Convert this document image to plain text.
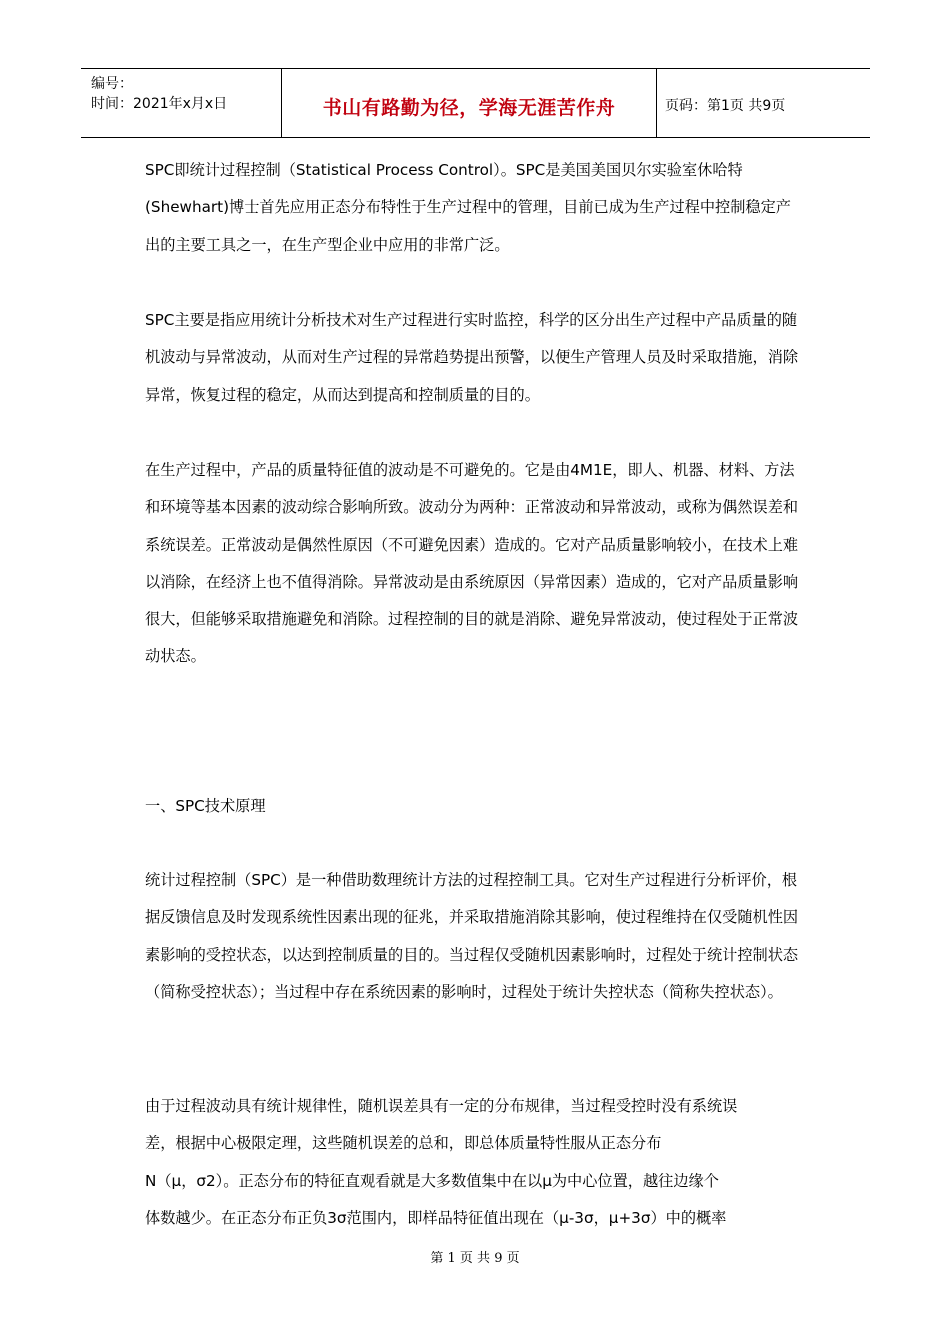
编号：
时间：2021年x月x日	书山有路勤为径，学海无涯苦作舟	页码：第1页 共9页

SPC即统计过程控制（Statistical Process Control）。SPC是美国美国贝尔实验室休哈特(Shewhart)博士首先应用正态分布特性于生产过程中的管理，目前已成为生产过程中控制稳定产出的主要工具之一，在生产型企业中应用的非常广泛。

SPC主要是指应用统计分析技术对生产过程进行实时监控，科学的区分出生产过程中产品质量的随机波动与异常波动，从而对生产过程的异常趋势提出预警，以便生产管理人员及时采取措施，消除异常，恢复过程的稳定，从而达到提高和控制质量的目的。

在生产过程中，产品的质量特征值的波动是不可避免的。它是由4M1E，即人、机器、材料、方法和环境等基本因素的波动综合影响所致。波动分为两种：正常波动和异常波动，或称为偶然误差和系统误差。正常波动是偶然性原因（不可避免因素）造成的。它对产品质量影响较小，在技术上难以消除，在经济上也不值得消除。异常波动是由系统原因（异常因素）造成的，它对产品质量影响很大，但能够采取措施避免和消除。过程控制的目的就是消除、避免异常波动，使过程处于正常波动状态。

一、SPC技术原理

统计过程控制（SPC）是一种借助数理统计方法的过程控制工具。它对生产过程进行分析评价，根据反馈信息及时发现系统性因素出现的征兆，并采取措施消除其影响，使过程维持在仅受随机性因素影响的受控状态，以达到控制质量的目的。当过程仅受随机因素影响时，过程处于统计控制状态（简称受控状态）；当过程中存在系统因素的影响时，过程处于统计失控状态（简称失控状态）。

由于过程波动具有统计规律性，随机误差具有一定的分布规律，当过程受控时没有系统误
差，根据中心极限定理，这些随机误差的总和，即总体质量特性服从正态分布
N（μ，σ2）。正态分布的特征直观看就是大多数值集中在以μ为中心位置，越往边缘个
体数越少。在正态分布正负3σ范围内，即样品特征值出现在（μ-3σ，μ+3σ）中的概率
第 1 页 共 9 页
